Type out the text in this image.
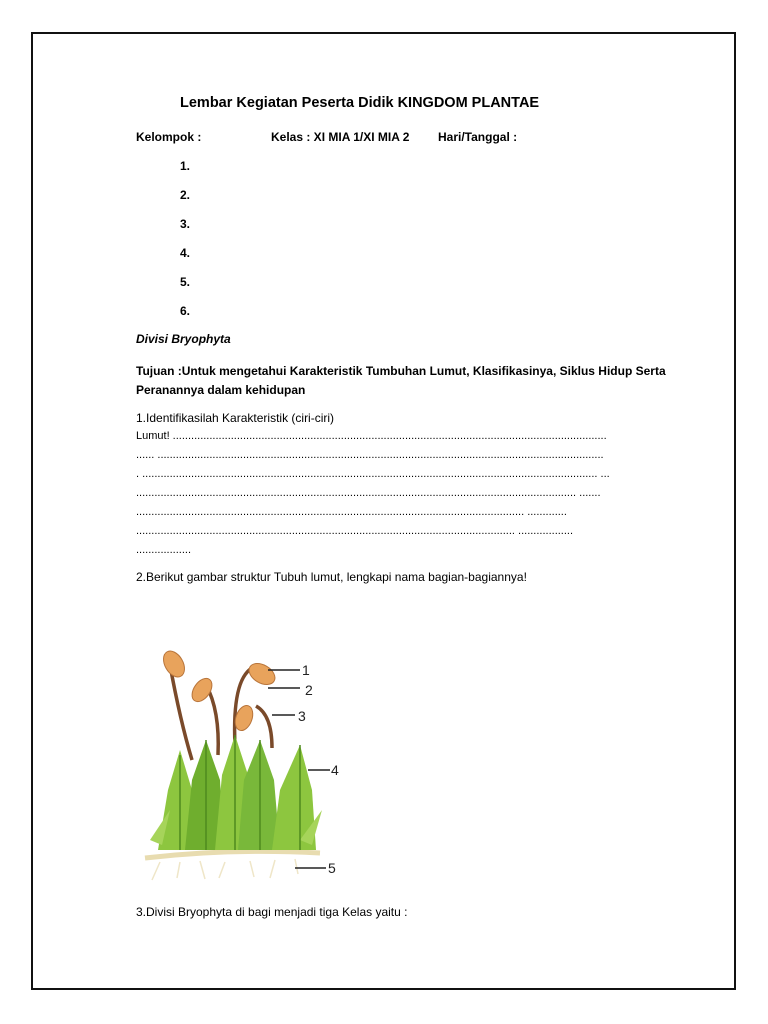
Lembar Kegiatan Peserta Didik KINGDOM PLANTAE
Kelompok :	Kelas : XI MIA 1/XI MIA 2 Hari/Tanggal :
1.
2.
3.
4.
5.
6.
Divisi Bryophyta
Tujuan :Untuk mengetahui Karakteristik Tumbuhan Lumut, Klasifikasinya, Siklus Hidup Serta
Peranannya dalam kehidupan
1.Identifikasilah Karakteristik (ciri-ciri)
Lumut! ..............................................................................................................................................
...... ..................................................................................................................................................
. ..................................................................................................................................................... ...
................................................................................................................................................ .......
............................................................................................................................... .............
............................................................................................................................ ..................
..................
2.Berikut gambar struktur Tubuh lumut, lengkapi nama bagian-bagiannya!
1
2
3
4
5
3.Divisi Bryophyta di bagi menjadi tiga Kelas yaitu :
